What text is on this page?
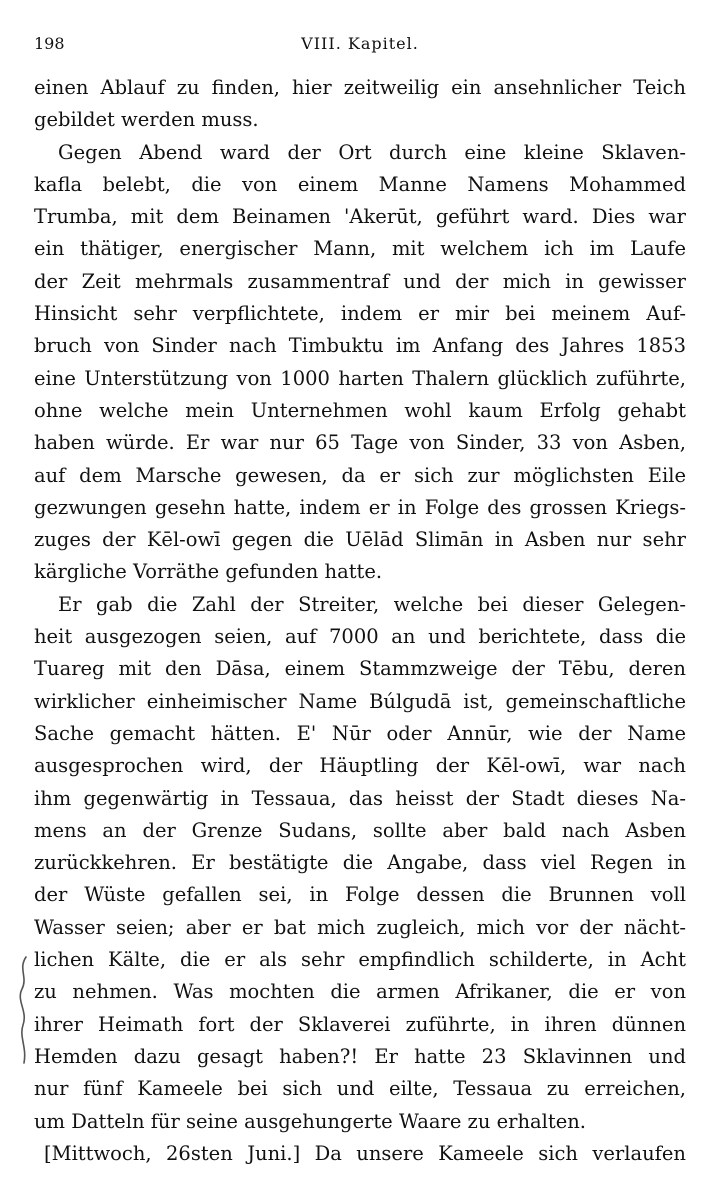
198	VIII. Kapitel.
einen Ablauf zu finden, hier zeitweilig ein ansehnlicher Teich
gebildet werden muss.
Gegen Abend ward der Ort durch eine kleine Sklaven-
kafla belebt, die von einem Manne Namens Mohammed
Trumba, mit dem Beinamen 'Akerūt, geführt ward. Dies war
ein thätiger, energischer Mann, mit welchem ich im Laufe
der Zeit mehrmals zusammentraf und der mich in gewisser
Hinsicht sehr verpflichtete, indem er mir bei meinem Auf-
bruch von Sinder nach Timbuktu im Anfang des Jahres 1853
eine Unterstützung von 1000 harten Thalern glücklich zuführte,
ohne welche mein Unternehmen wohl kaum Erfolg gehabt
haben würde. Er war nur 65 Tage von Sinder, 33 von Asben,
auf dem Marsche gewesen, da er sich zur möglichsten Eile
gezwungen gesehn hatte, indem er in Folge des grossen Kriegs-
zuges der Kēl-owī gegen die Uēlād Slimān in Asben nur sehr
kärgliche Vorräthe gefunden hatte.
Er gab die Zahl der Streiter, welche bei dieser Gelegen-
heit ausgezogen seien, auf 7000 an und berichtete, dass die
Tuareg mit den Dāsa, einem Stammzweige der Tēbu, deren
wirklicher einheimischer Name Búlgudā ist, gemeinschaftliche
Sache gemacht hätten. E' Nūr oder Annūr, wie der Name
ausgesprochen wird, der Häuptling der Kēl-owī, war nach
ihm gegenwärtig in Tessaua, das heisst der Stadt dieses Na-
mens an der Grenze Sudans, sollte aber bald nach Asben
zurückkehren. Er bestätigte die Angabe, dass viel Regen in
der Wüste gefallen sei, in Folge dessen die Brunnen voll
Wasser seien; aber er bat mich zugleich, mich vor der nächt-
lichen Kälte, die er als sehr empfindlich schilderte, in Acht
zu nehmen. Was mochten die armen Afrikaner, die er von
ihrer Heimath fort der Sklaverei zuführte, in ihren dünnen
Hemden dazu gesagt haben?! Er hatte 23 Sklavinnen und
nur fünf Kameele bei sich und eilte, Tessaua zu erreichen,
um Datteln für seine ausgehungerte Waare zu erhalten.
[Mittwoch, 26sten Juni.] Da unsere Kameele sich verlaufen
